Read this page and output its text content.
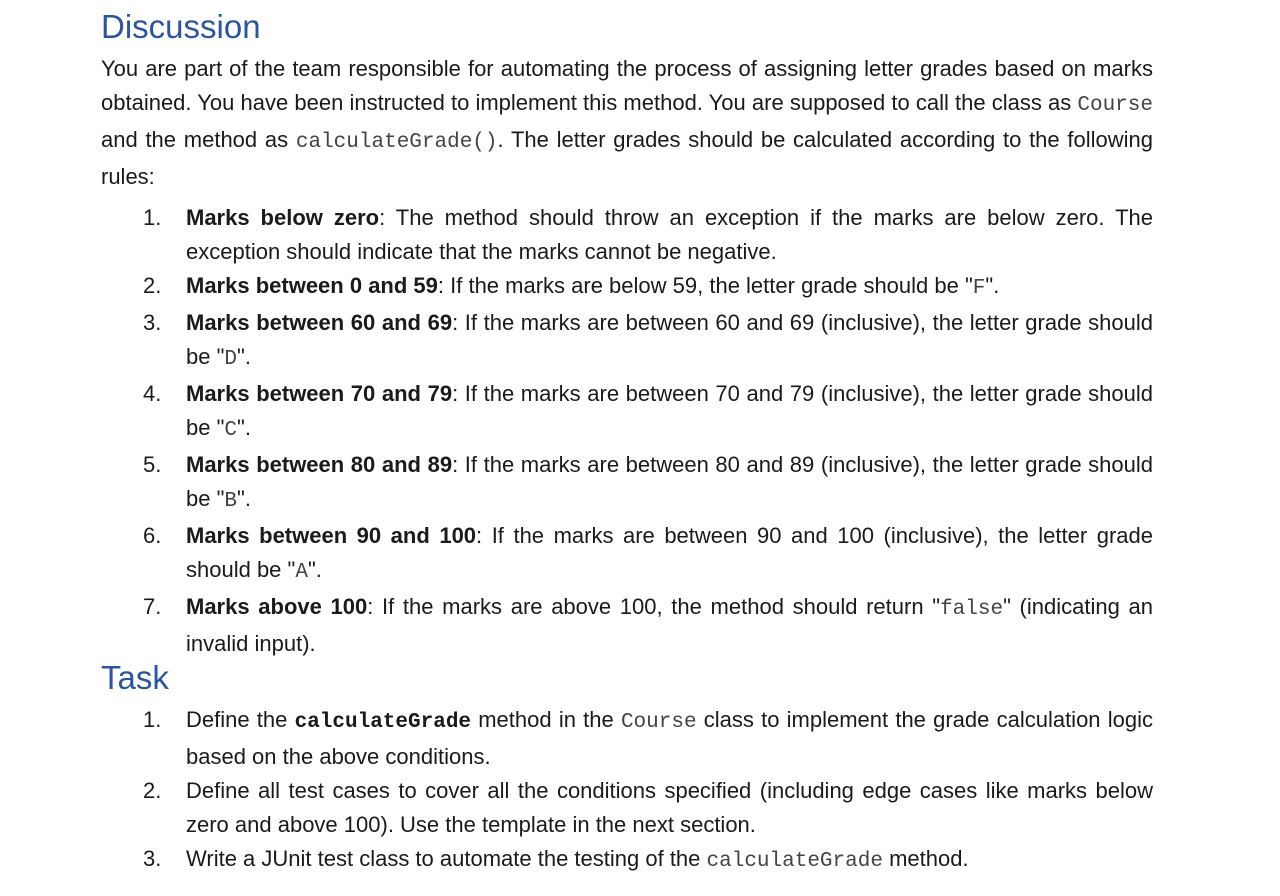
Discussion

You are part of the team responsible for automating the process of assigning letter grades based on marks obtained. You have been instructed to implement this method. You are supposed to call the class as Course and the method as calculateGrade(). The letter grades should be calculated according to the following rules:

1. Marks below zero: The method should throw an exception if the marks are below zero. The exception should indicate that the marks cannot be negative.
2. Marks between 0 and 59: If the marks are below 59, the letter grade should be "F".
3. Marks between 60 and 69: If the marks are between 60 and 69 (inclusive), the letter grade should be "D".
4. Marks between 70 and 79: If the marks are between 70 and 79 (inclusive), the letter grade should be "C".
5. Marks between 80 and 89: If the marks are between 80 and 89 (inclusive), the letter grade should be "B".
6. Marks between 90 and 100: If the marks are between 90 and 100 (inclusive), the letter grade should be "A".
7. Marks above 100: If the marks are above 100, the method should return "false" (indicating an invalid input).
Task
1. Define the calculateGrade method in the Course class to implement the grade calculation logic based on the above conditions.
2. Define all test cases to cover all the conditions specified (including edge cases like marks below zero and above 100). Use the template in the next section.
3. Write a JUnit test class to automate the testing of the calculateGrade method.
